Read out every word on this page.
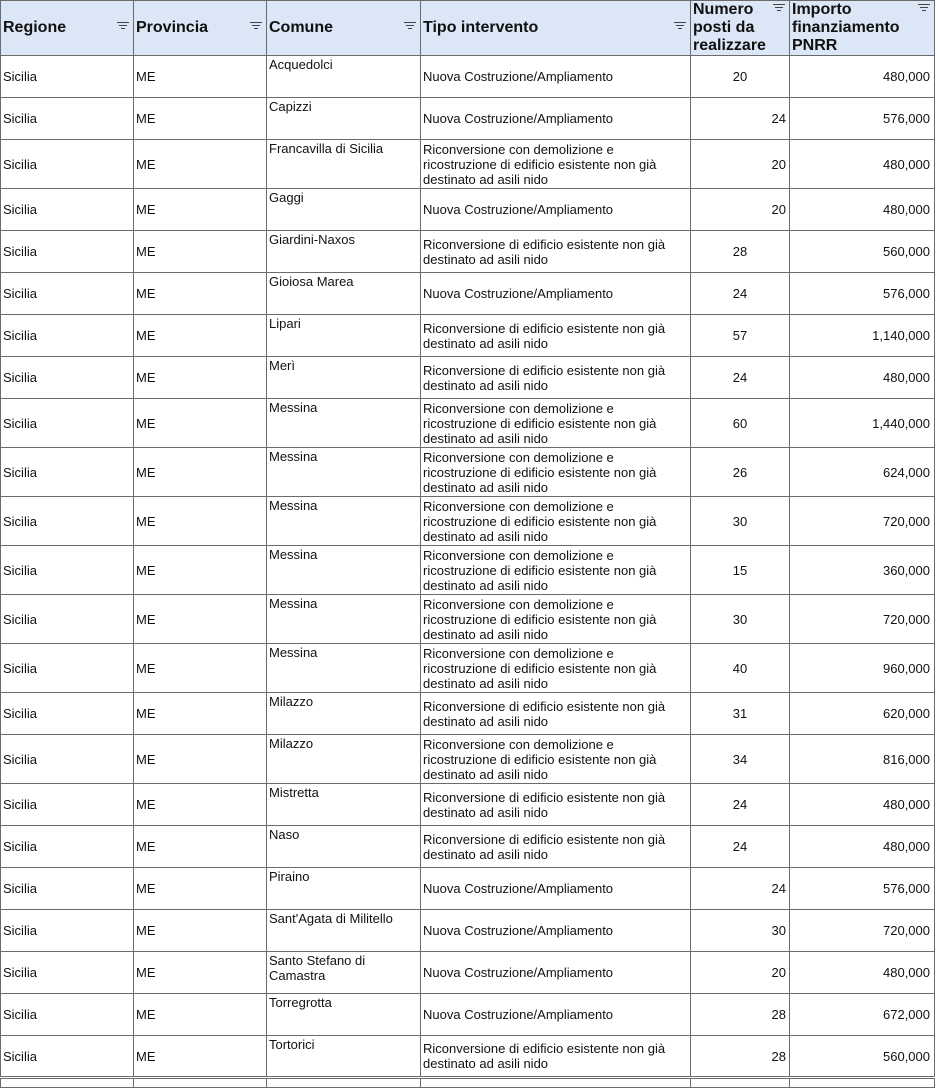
Regione	Provincia	Comune	Tipo intervento	Numero posti da realizzare	Importo finanziamento PNRR

Sicilia	ME	Acquedolci	Nuova Costruzione/Ampliamento	20	480,000
Sicilia	ME	Capizzi	Nuova Costruzione/Ampliamento	24	576,000
Sicilia	ME	Francavilla di Sicilia	Riconversione con demolizione e ricostruzione di edificio esistente non già destinato ad asili nido	20	480,000
Sicilia	ME	Gaggi	Nuova Costruzione/Ampliamento	20	480,000
Sicilia	ME	Giardini-Naxos	Riconversione di edificio esistente non già destinato ad asili nido	28	560,000
Sicilia	ME	Gioiosa Marea	Nuova Costruzione/Ampliamento	24	576,000
Sicilia	ME	Lipari	Riconversione di edificio esistente non già destinato ad asili nido	57	1,140,000
Sicilia	ME	Merì	Riconversione di edificio esistente non già destinato ad asili nido	24	480,000
Sicilia	ME	Messina	Riconversione con demolizione e ricostruzione di edificio esistente non già destinato ad asili nido	60	1,440,000
Sicilia	ME	Messina	Riconversione con demolizione e ricostruzione di edificio esistente non già destinato ad asili nido	26	624,000
Sicilia	ME	Messina	Riconversione con demolizione e ricostruzione di edificio esistente non già destinato ad asili nido	30	720,000
Sicilia	ME	Messina	Riconversione con demolizione e ricostruzione di edificio esistente non già destinato ad asili nido	15	360,000
Sicilia	ME	Messina	Riconversione con demolizione e ricostruzione di edificio esistente non già destinato ad asili nido	30	720,000
Sicilia	ME	Messina	Riconversione con demolizione e ricostruzione di edificio esistente non già destinato ad asili nido	40	960,000
Sicilia	ME	Milazzo	Riconversione di edificio esistente non già destinato ad asili nido	31	620,000
Sicilia	ME	Milazzo	Riconversione con demolizione e ricostruzione di edificio esistente non già destinato ad asili nido	34	816,000
Sicilia	ME	Mistretta	Riconversione di edificio esistente non già destinato ad asili nido	24	480,000
Sicilia	ME	Naso	Riconversione di edificio esistente non già destinato ad asili nido	24	480,000
Sicilia	ME	Piraino	Nuova Costruzione/Ampliamento	24	576,000
Sicilia	ME	Sant'Agata di Militello	Nuova Costruzione/Ampliamento	30	720,000
Sicilia	ME	Santo Stefano di Camastra	Nuova Costruzione/Ampliamento	20	480,000
Sicilia	ME	Torregrotta	Nuova Costruzione/Ampliamento	28	672,000
Sicilia	ME	Tortorici	Riconversione di edificio esistente non già destinato ad asili nido	28	560,000
